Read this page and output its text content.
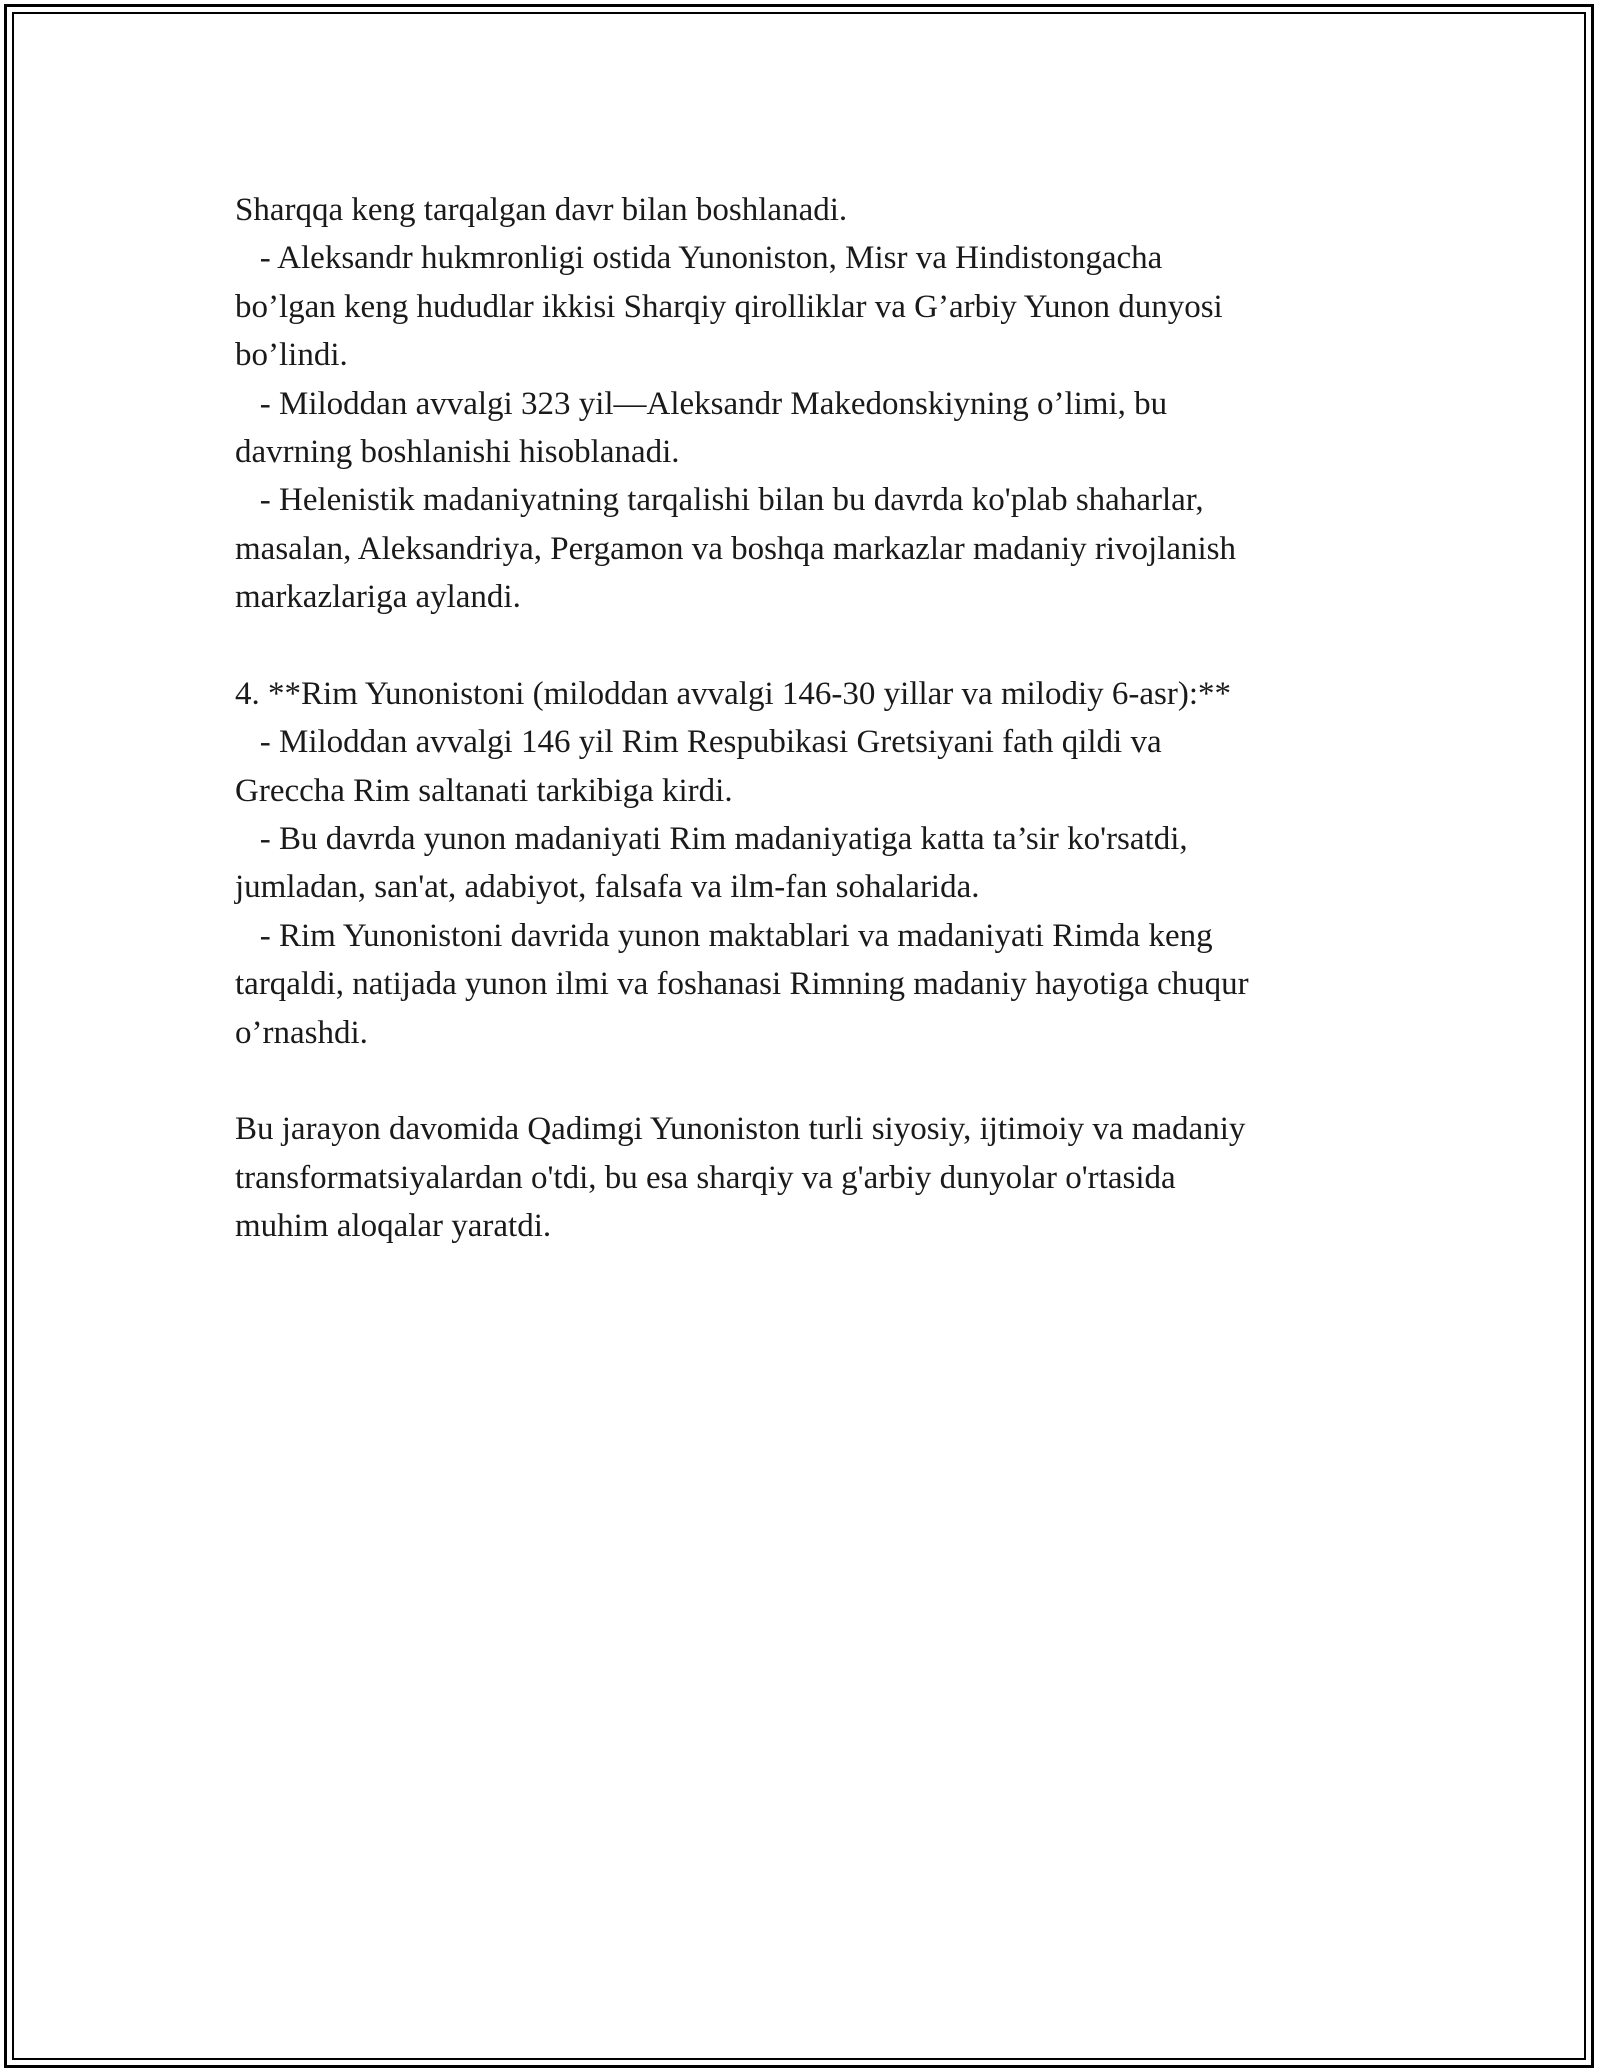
Sharqqa keng tarqalgan davr bilan boshlanadi.
- Aleksandr hukmronligi ostida Yunoniston, Misr va Hindistongacha
bo’lgan keng hududlar ikkisi Sharqiy qirolliklar va G’arbiy Yunon dunyosi
bo’lindi.
- Miloddan avvalgi 323 yil—Aleksandr Makedonskiyning o’limi, bu
davrning boshlanishi hisoblanadi.
- Helenistik madaniyatning tarqalishi bilan bu davrda ko'plab shaharlar,
masalan, Aleksandriya, Pergamon va boshqa markazlar madaniy rivojlanish
markazlariga aylandi.
4. **Rim Yunonistoni (miloddan avvalgi 146-30 yillar va milodiy 6-asr):**
- Miloddan avvalgi 146 yil Rim Respubikasi Gretsiyani fath qildi va
Greccha Rim saltanati tarkibiga kirdi.
- Bu davrda yunon madaniyati Rim madaniyatiga katta ta’sir ko'rsatdi,
jumladan, san'at, adabiyot, falsafa va ilm-fan sohalarida.
- Rim Yunonistoni davrida yunon maktablari va madaniyati Rimda keng
tarqaldi, natijada yunon ilmi va foshanasi Rimning madaniy hayotiga chuqur
o’rnashdi.
Bu jarayon davomida Qadimgi Yunoniston turli siyosiy, ijtimoiy va madaniy
transformatsiyalardan o'tdi, bu esa sharqiy va g'arbiy dunyolar o'rtasida
muhim aloqalar yaratdi.
